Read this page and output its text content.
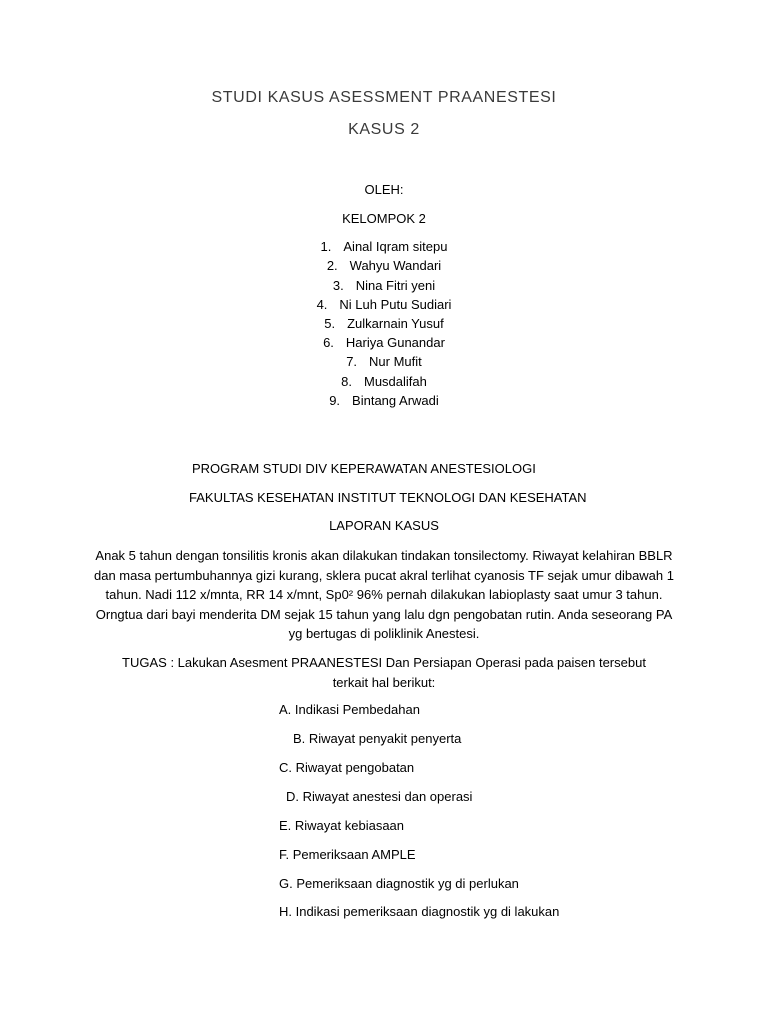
STUDI KASUS ASESSMENT PRAANESTESI
KASUS 2
OLEH:
KELOMPOK 2
1. Ainal Iqram sitepu
2. Wahyu Wandari
3. Nina Fitri yeni
4. Ni Luh Putu Sudiari
5. Zulkarnain Yusuf
6. Hariya Gunandar
7. Nur Mufit
8. Musdalifah
9. Bintang Arwadi
PROGRAM STUDI DIV KEPERAWATAN ANESTESIOLOGI
FAKULTAS KESEHATAN INSTITUT TEKNOLOGI DAN KESEHATAN
LAPORAN KASUS
Anak 5 tahun dengan tonsilitis kronis akan dilakukan tindakan tonsilectomy. Riwayat kelahiran BBLR dan masa pertumbuhannya gizi kurang, sklera pucat akral terlihat cyanosis TF sejak umur dibawah 1 tahun. Nadi 112 x/mnta, RR 14 x/mnt, Sp0² 96% pernah dilakukan labioplasty saat umur 3 tahun. Orngtua dari bayi menderita DM sejak 15 tahun yang lalu dgn pengobatan rutin. Anda seseorang PA yg bertugas di poliklinik Anestesi.
TUGAS : Lakukan Asesment PRAANESTESI Dan Persiapan Operasi pada paisen tersebut terkait hal berikut:
A. Indikasi Pembedahan
B. Riwayat penyakit penyerta
C. Riwayat pengobatan
D. Riwayat anestesi dan operasi
E. Riwayat kebiasaan
F. Pemeriksaan AMPLE
G. Pemeriksaan diagnostik yg di perlukan
H. Indikasi pemeriksaan diagnostik yg di lakukan
